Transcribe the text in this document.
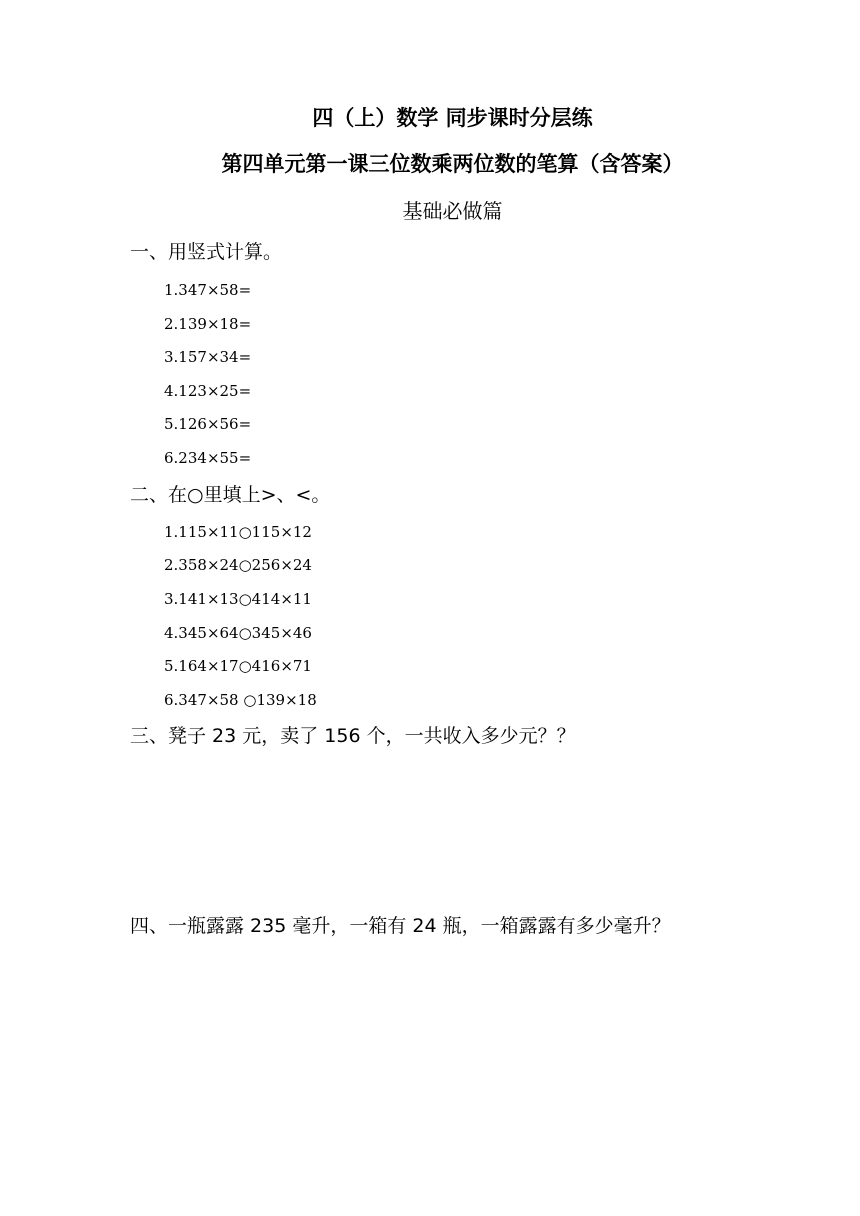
四（上）数学 同步课时分层练
第四单元第一课三位数乘两位数的笔算（含答案）
基础必做篇
一、用竖式计算。
1.347×58=
2.139×18=
3.157×34=
4.123×25=
5.126×56=
6.234×55=
二、在○里填上>、<。
1.115×11○115×12
2.358×24○256×24
3.141×13○414×11
4.345×64○345×46
5.164×17○416×71
6.347×58 ○139×18
三、凳子 23 元，卖了 156 个，一共收入多少元？？
四、一瓶露露 235 毫升，一箱有 24 瓶，一箱露露有多少毫升？
